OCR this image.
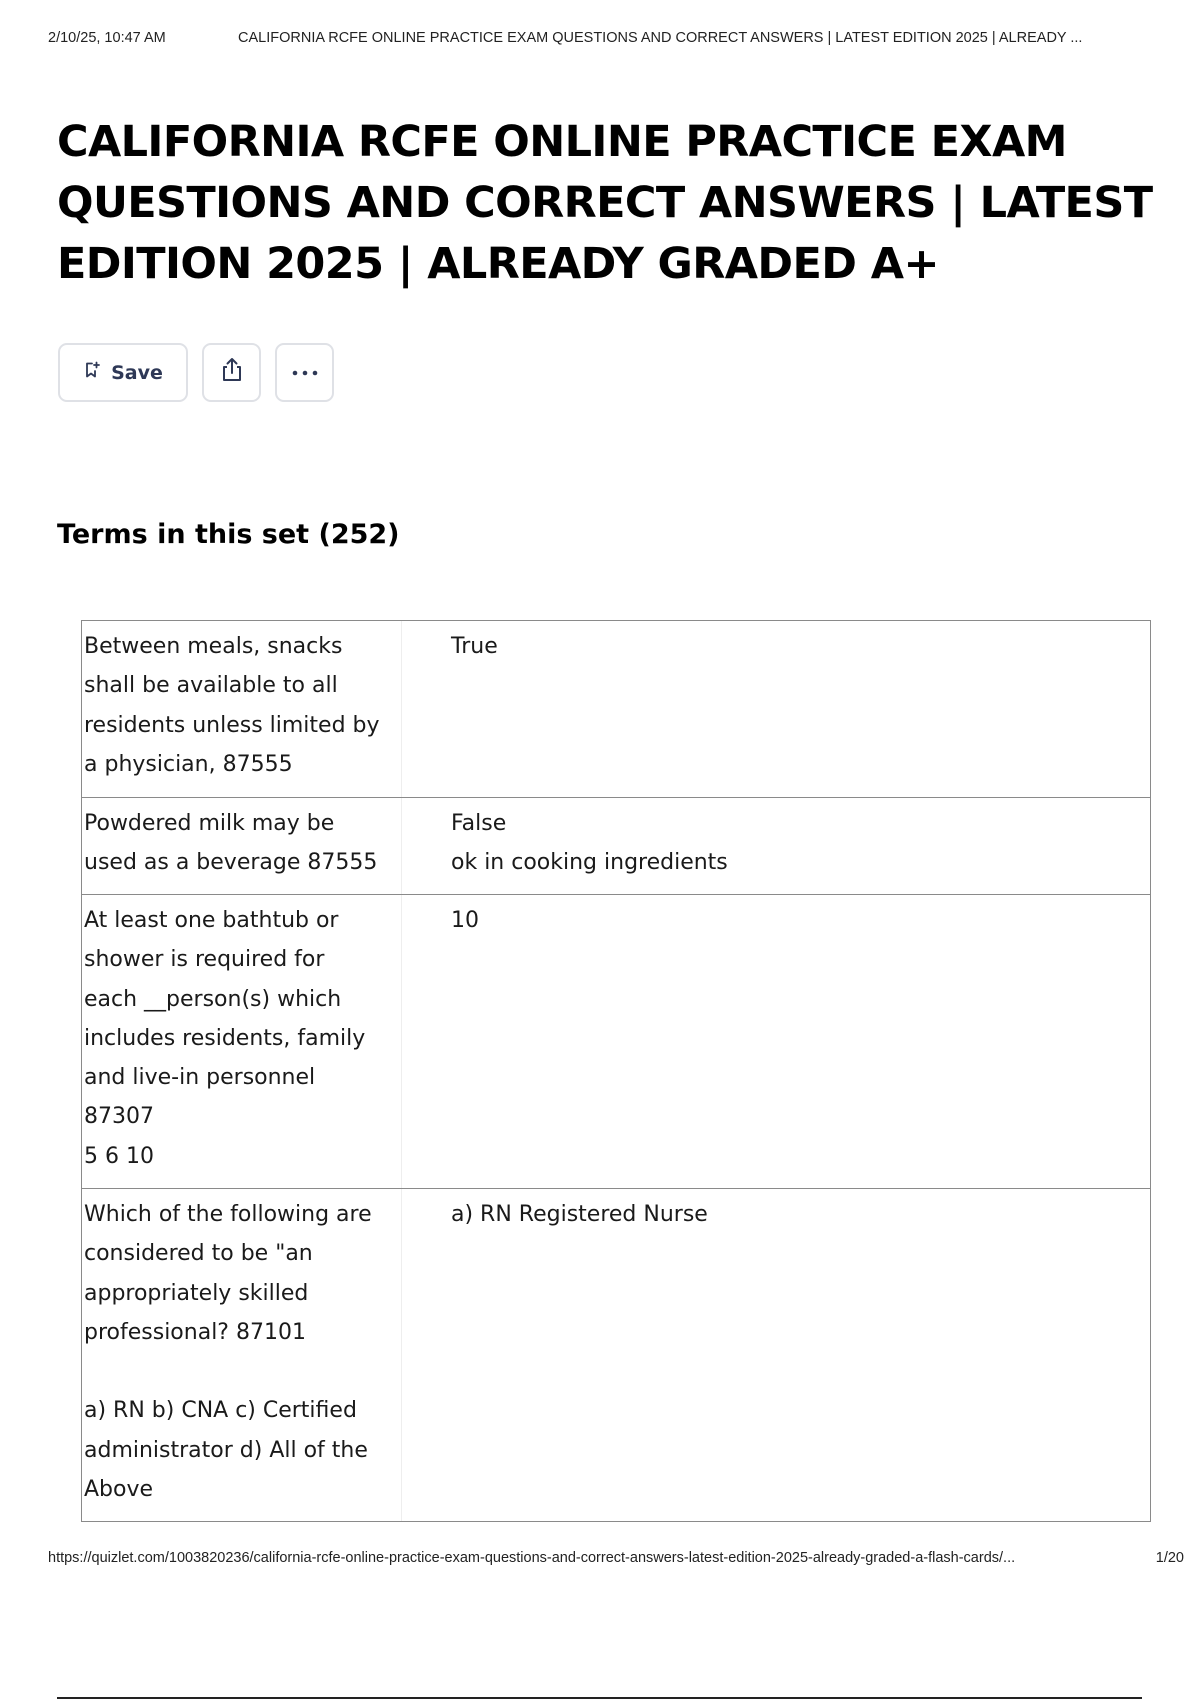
2/10/25, 10:47 AM	CALIFORNIA RCFE ONLINE PRACTICE EXAM QUESTIONS AND CORRECT ANSWERS | LATEST EDITION 2025 | ALREADY ...
CALIFORNIA RCFE ONLINE PRACTICE EXAM QUESTIONS AND CORRECT ANSWERS | LATEST EDITION 2025 | ALREADY GRADED A+
Save
Terms in this set (252)
Between meals, snacks
shall be available to all
residents unless limited by
a physician, 87555
True
Powdered milk may be
used as a beverage 87555
False
ok in cooking ingredients
At least one bathtub or
shower is required for
each __person(s) which
includes residents, family
and live-in personnel
87307
5 6 10
10
Which of the following are
considered to be "an
appropriately skilled
professional? 87101

a) RN b) CNA c) Certified
administrator d) All of the
Above
a) RN Registered Nurse
https://quizlet.com/1003820236/california-rcfe-online-practice-exam-questions-and-correct-answers-latest-edition-2025-already-graded-a-flash-cards/...	1/20
